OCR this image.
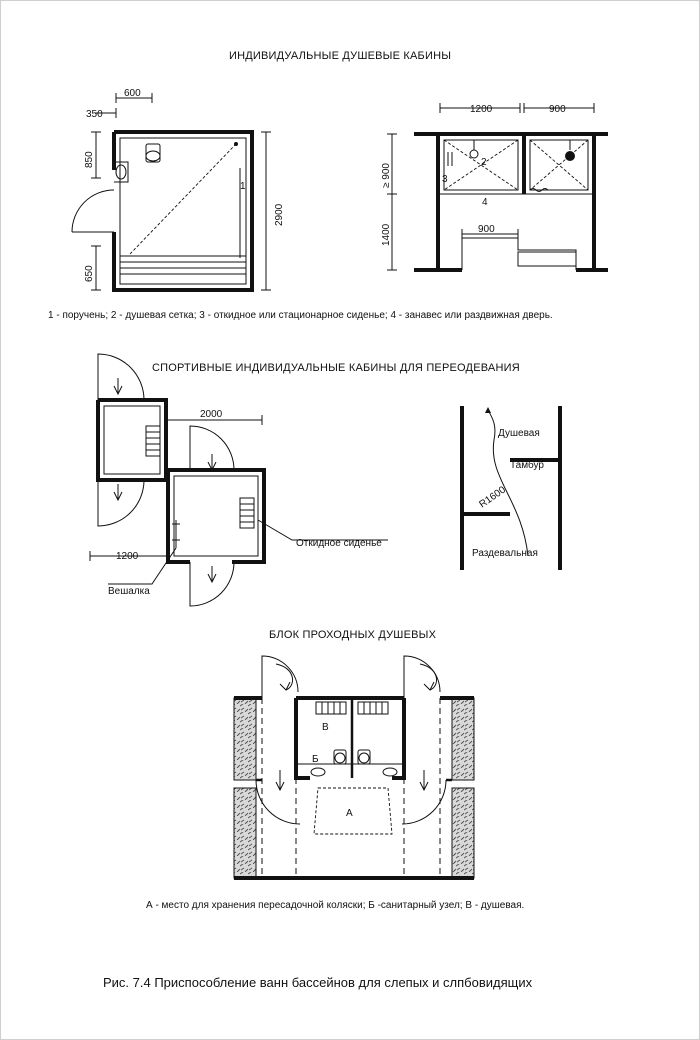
ИНДИВИДУАЛЬНЫЕ ДУШЕВЫЕ КАБИНЫ
СПОРТИВНЫЕ ИНДИВИДУАЛЬНЫЕ КАБИНЫ ДЛЯ ПЕРЕОДЕВАНИЯ
БЛОК ПРОХОДНЫХ ДУШЕВЫХ
1 - поручень; 2 - душевая сетка; 3 - откидное или стационарное сиденье; 4 - занавес или раздвижная дверь.
А - место для хранения пересадочной коляски; Б -санитарный узел; В - душевая.
Рис. 7.4 Приспособление ванн бассейнов для слепых и слпбовидящих
600
350
850
650
2900
1
1200	900
≥ 900
1400	900
2
3
4
2000
1200
Откидное сиденье
Вешалка
Душевая
Тамбур
R1600
Раздевальная
А
Б
В
